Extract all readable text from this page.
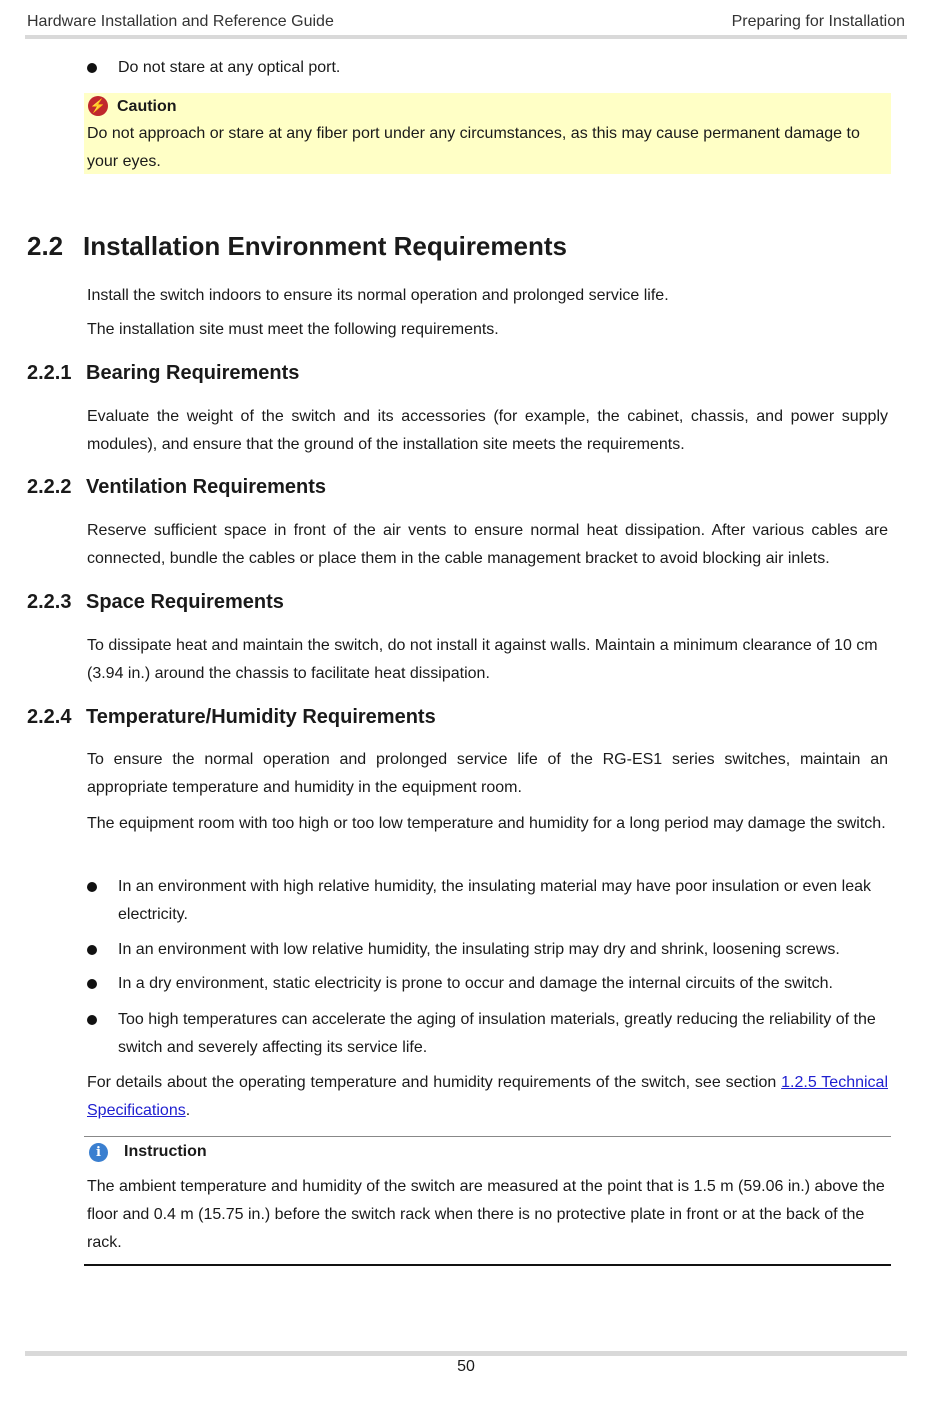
Hardware Installation and Reference Guide	Preparing for Installation
Do not stare at any optical port.
⚡ Caution
Do not approach or stare at any fiber port under any circumstances, as this may cause permanent damage to your eyes.
2.2 Installation Environment Requirements
Install the switch indoors to ensure its normal operation and prolonged service life.
The installation site must meet the following requirements.
2.2.1 Bearing Requirements
Evaluate the weight of the switch and its accessories (for example, the cabinet, chassis, and power supply modules), and ensure that the ground of the installation site meets the requirements.
2.2.2 Ventilation Requirements
Reserve sufficient space in front of the air vents to ensure normal heat dissipation. After various cables are connected, bundle the cables or place them in the cable management bracket to avoid blocking air inlets.
2.2.3 Space Requirements
To dissipate heat and maintain the switch, do not install it against walls. Maintain a minimum clearance of 10 cm
(3.94 in.) around the chassis to facilitate heat dissipation.
2.2.4 Temperature/Humidity Requirements
To ensure the normal operation and prolonged service life of the RG-ES1 series switches, maintain an appropriate temperature and humidity in the equipment room.
The equipment room with too high or too low temperature and humidity for a long period may damage the switch.
In an environment with high relative humidity, the insulating material may have poor insulation or even leak electricity.
In an environment with low relative humidity, the insulating strip may dry and shrink, loosening screws.
In a dry environment, static electricity is prone to occur and damage the internal circuits of the switch.
Too high temperatures can accelerate the aging of insulation materials, greatly reducing the reliability of the switch and severely affecting its service life.
For details about the operating temperature and humidity requirements of the switch, see section 1.2.5 Technical Specifications.
i	Instruction
The ambient temperature and humidity of the switch are measured at the point that is 1.5 m (59.06 in.) above the floor and 0.4 m (15.75 in.) before the switch rack when there is no protective plate in front or at the back of the rack.
50
